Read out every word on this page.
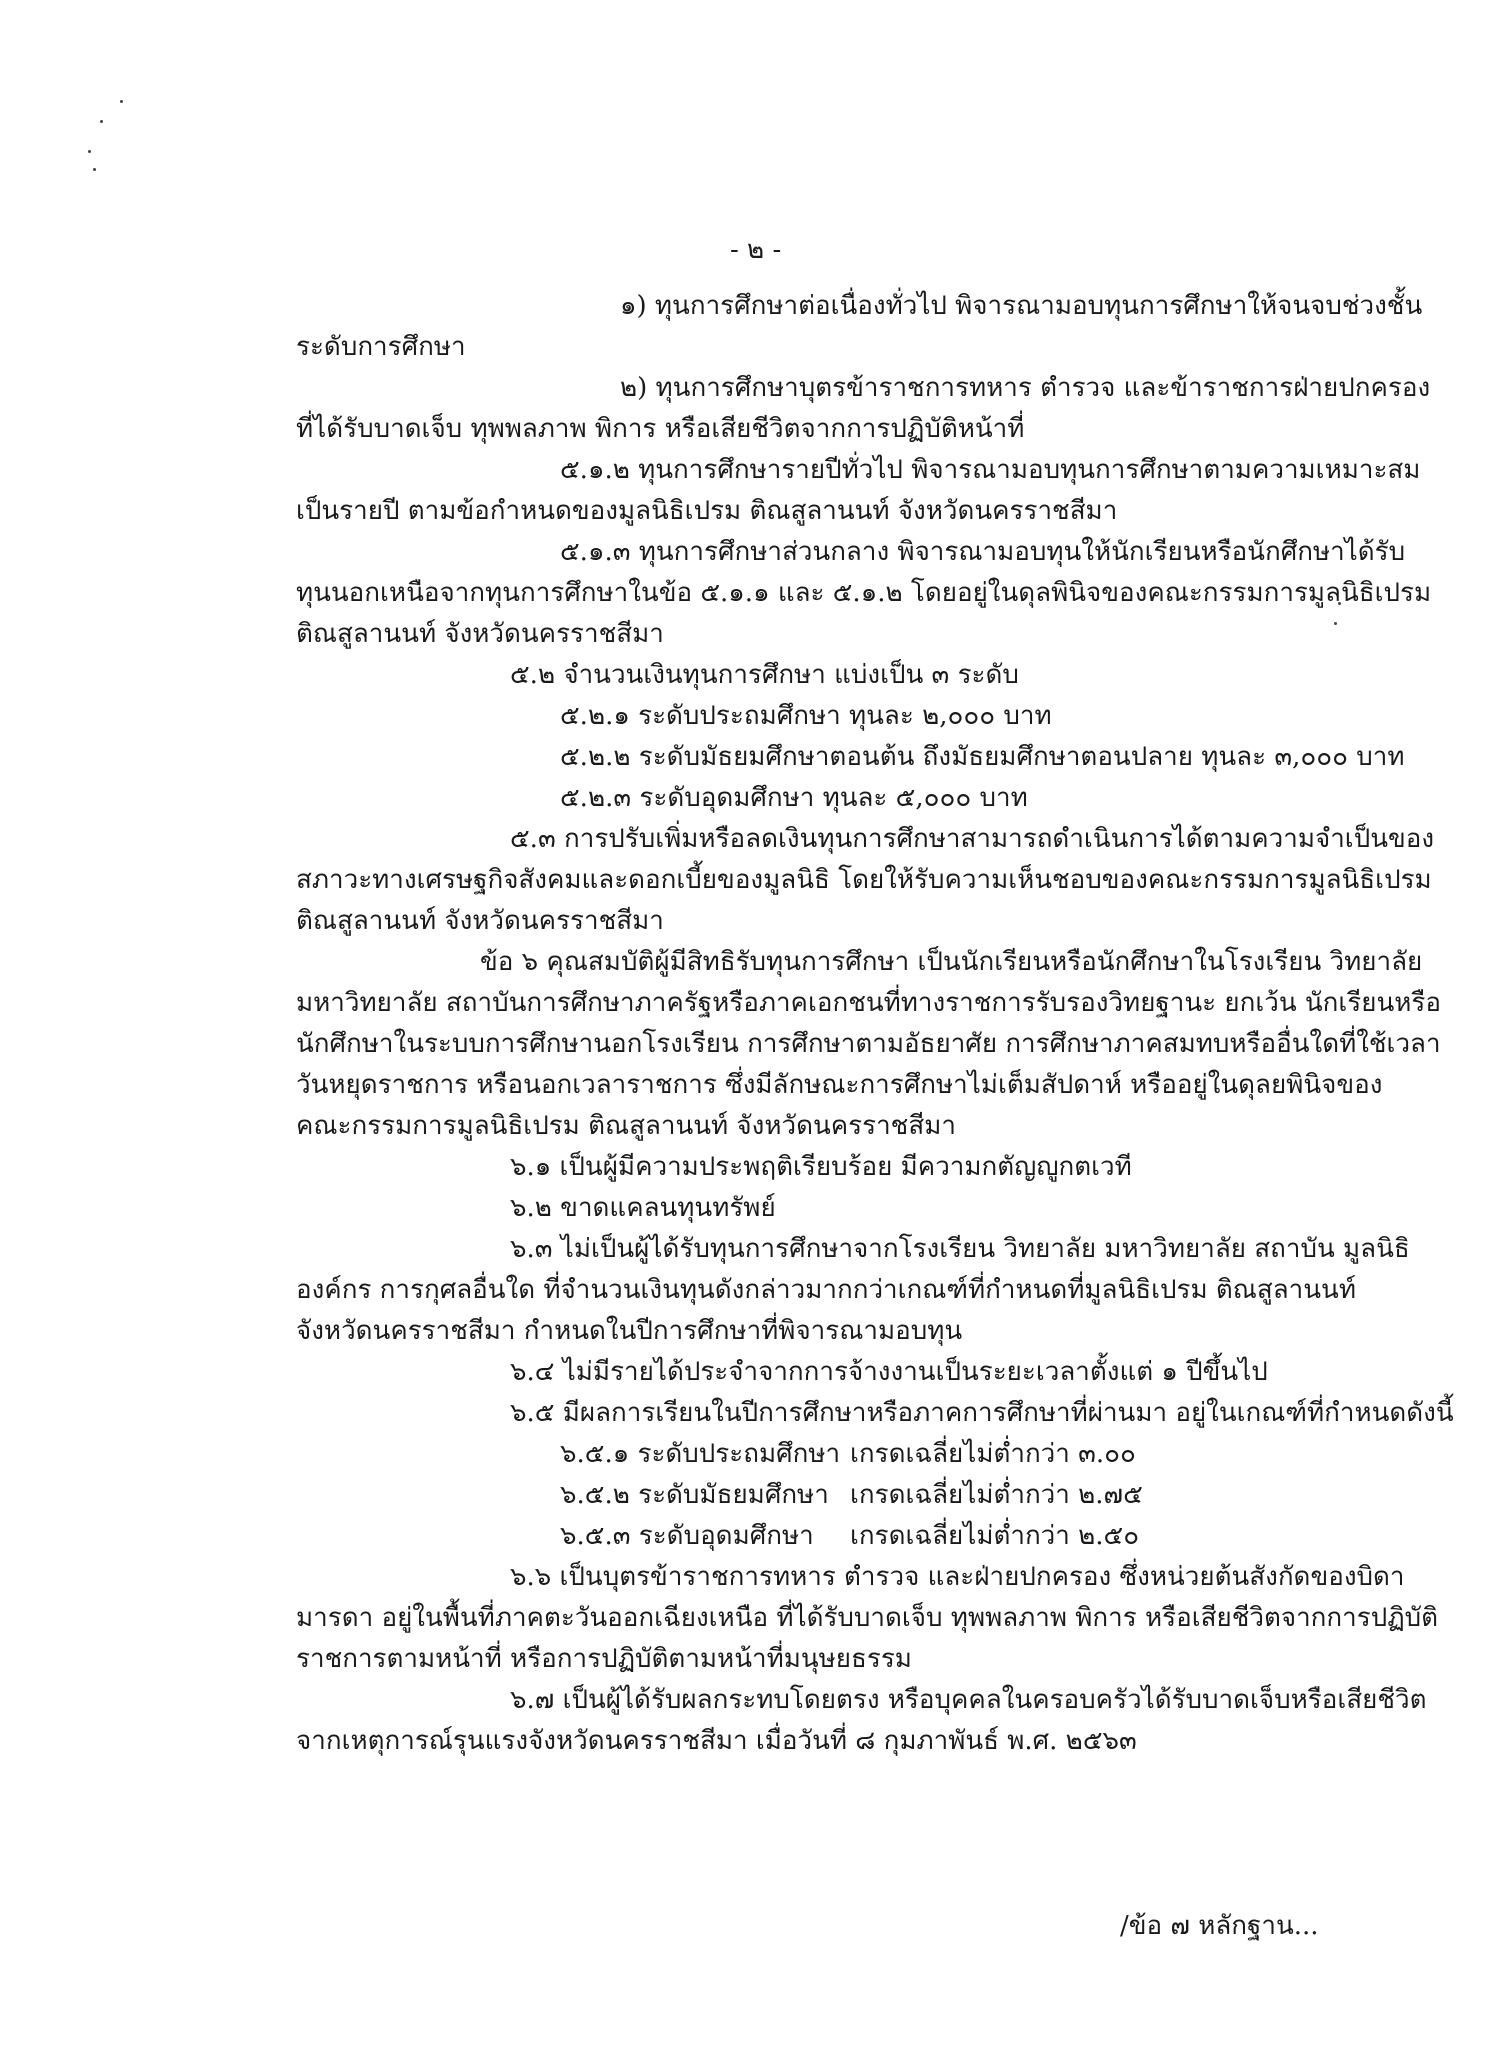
- ๒ -
๑) ทุนการศึกษาต่อเนื่องทั่วไป พิจารณามอบทุนการศึกษาให้จนจบช่วงชั้น
ระดับการศึกษา
๒) ทุนการศึกษาบุตรข้าราชการทหาร ตำรวจ และข้าราชการฝ่ายปกครอง
ที่ได้รับบาดเจ็บ ทุพพลภาพ พิการ หรือเสียชีวิตจากการปฏิบัติหน้าที่
๕.๑.๒ ทุนการศึกษารายปีทั่วไป พิจารณามอบทุนการศึกษาตามความเหมาะสม
เป็นรายปี ตามข้อกำหนดของมูลนิธิเปรม ติณสูลานนท์ จังหวัดนครราชสีมา
๕.๑.๓ ทุนการศึกษาส่วนกลาง พิจารณามอบทุนให้นักเรียนหรือนักศึกษาได้รับ
ทุนนอกเหนือจากทุนการศึกษาในข้อ ๕.๑.๑ และ ๕.๑.๒ โดยอยู่ในดุลพินิจของคณะกรรมการมูลนิธิเปรม
ติณสูลานนท์ จังหวัดนครราชสีมา
๕.๒ จำนวนเงินทุนการศึกษา แบ่งเป็น ๓ ระดับ
๕.๒.๑ ระดับประถมศึกษา ทุนละ ๒,๐๐๐ บาท
๕.๒.๒ ระดับมัธยมศึกษาตอนต้น ถึงมัธยมศึกษาตอนปลาย ทุนละ ๓,๐๐๐ บาท
๕.๒.๓ ระดับอุดมศึกษา ทุนละ ๕,๐๐๐ บาท
๕.๓ การปรับเพิ่มหรือลดเงินทุนการศึกษาสามารถดำเนินการได้ตามความจำเป็นของ
สภาวะทางเศรษฐกิจสังคมและดอกเบี้ยของมูลนิธิ โดยให้รับความเห็นชอบของคณะกรรมการมูลนิธิเปรม
ติณสูลานนท์ จังหวัดนครราชสีมา
ข้อ ๖ คุณสมบัติผู้มีสิทธิรับทุนการศึกษา เป็นนักเรียนหรือนักศึกษาในโรงเรียน วิทยาลัย
มหาวิทยาลัย สถาบันการศึกษาภาครัฐหรือภาคเอกชนที่ทางราชการรับรองวิทยฐานะ ยกเว้น นักเรียนหรือ
นักศึกษาในระบบการศึกษานอกโรงเรียน การศึกษาตามอัธยาศัย การศึกษาภาคสมทบหรืออื่นใดที่ใช้เวลา
วันหยุดราชการ หรือนอกเวลาราชการ ซึ่งมีลักษณะการศึกษาไม่เต็มสัปดาห์ หรืออยู่ในดุลยพินิจของ
คณะกรรมการมูลนิธิเปรม ติณสูลานนท์ จังหวัดนครราชสีมา
๖.๑ เป็นผู้มีความประพฤติเรียบร้อย มีความกตัญญูกตเวที
๖.๒ ขาดแคลนทุนทรัพย์
๖.๓ ไม่เป็นผู้ได้รับทุนการศึกษาจากโรงเรียน วิทยาลัย มหาวิทยาลัย สถาบัน มูลนิธิ
องค์กร การกุศลอื่นใด ที่จำนวนเงินทุนดังกล่าวมากกว่าเกณฑ์ที่กำหนดที่มูลนิธิเปรม ติณสูลานนท์
จังหวัดนครราชสีมา กำหนดในปีการศึกษาที่พิจารณามอบทุน
๖.๔ ไม่มีรายได้ประจำจากการจ้างงานเป็นระยะเวลาตั้งแต่ ๑ ปีขึ้นไป
๖.๕ มีผลการเรียนในปีการศึกษาหรือภาคการศึกษาที่ผ่านมา อยู่ในเกณฑ์ที่กำหนดดังนี้
๖.๕.๑ ระดับประถมศึกษา เกรดเฉลี่ยไม่ต่ำกว่า ๓.๐๐
๖.๕.๒ ระดับมัธยมศึกษา เกรดเฉลี่ยไม่ต่ำกว่า ๒.๗๕
๖.๕.๓ ระดับอุดมศึกษา เกรดเฉลี่ยไม่ต่ำกว่า ๒.๕๐
๖.๖ เป็นบุตรข้าราชการทหาร ตำรวจ และฝ่ายปกครอง ซึ่งหน่วยต้นสังกัดของบิดา
มารดา อยู่ในพื้นที่ภาคตะวันออกเฉียงเหนือ ที่ได้รับบาดเจ็บ ทุพพลภาพ พิการ หรือเสียชีวิตจากการปฏิบัติ
ราชการตามหน้าที่ หรือการปฏิบัติตามหน้าที่มนุษยธรรม
๖.๗ เป็นผู้ได้รับผลกระทบโดยตรง หรือบุคคลในครอบครัวได้รับบาดเจ็บหรือเสียชีวิต
จากเหตุการณ์รุนแรงจังหวัดนครราชสีมา เมื่อวันที่ ๘ กุมภาพันธ์ พ.ศ. ๒๕๖๓
/ข้อ ๗ หลักฐาน...
